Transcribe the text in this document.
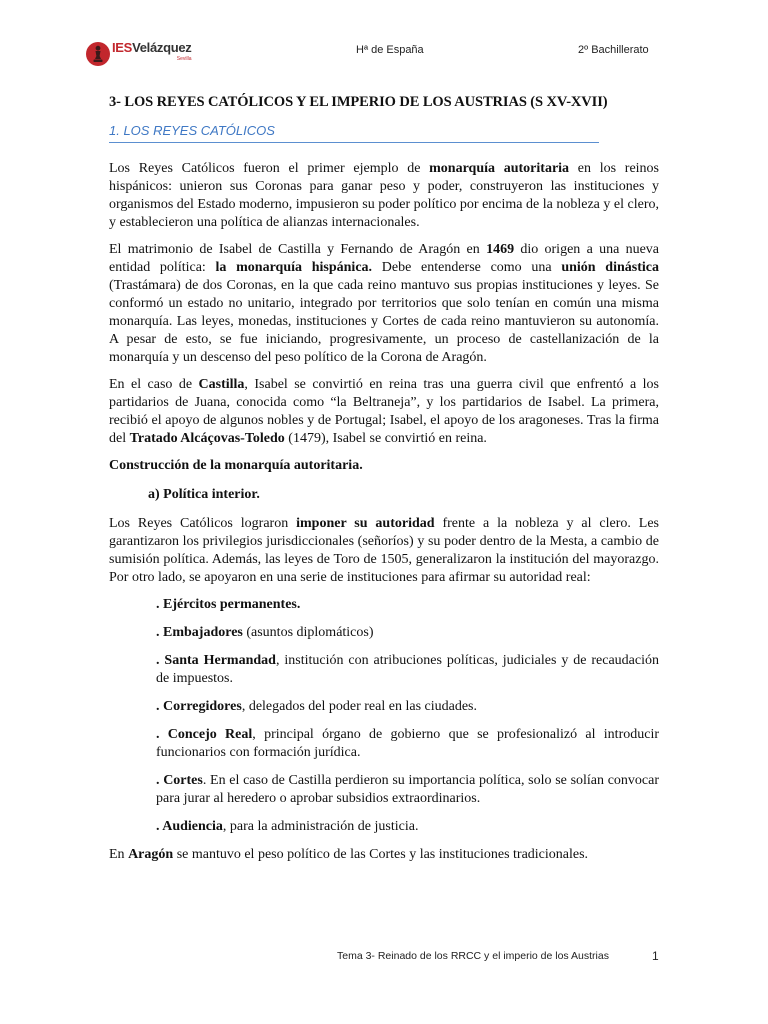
IESVelázquez
Sevilla
Hª de España	2º Bachillerato
3- LOS REYES CATÓLICOS Y EL IMPERIO DE LOS AUSTRIAS (S XV-XVII)
1. LOS REYES CATÓLICOS

Los Reyes Católicos fueron el primer ejemplo de monarquía autoritaria en los reinos hispánicos: unieron sus Coronas para ganar peso y poder, construyeron las instituciones y organismos del Estado moderno, impusieron su poder político por encima de la nobleza y el clero, y establecieron una política de alianzas internacionales.

El matrimonio de Isabel de Castilla y Fernando de Aragón en 1469 dio origen a una nueva entidad política: la monarquía hispánica. Debe entenderse como una unión dinástica (Trastámara) de dos Coronas, en la que cada reino mantuvo sus propias instituciones y leyes. Se conformó un estado no unitario, integrado por territorios que solo tenían en común una misma monarquía. Las leyes, monedas, instituciones y Cortes de cada reino mantuvieron su autonomía. A pesar de esto, se fue iniciando, progresivamente, un proceso de castellanización de la monarquía y un descenso del peso político de la Corona de Aragón.

En el caso de Castilla, Isabel se convirtió en reina tras una guerra civil que enfrentó a los partidarios de Juana, conocida como “la Beltraneja”, y los partidarios de Isabel. La primera, recibió el apoyo de algunos nobles y de Portugal; Isabel, el apoyo de los aragoneses. Tras la firma del Tratado Alcáçovas-Toledo (1479), Isabel se convirtió en reina.

Construcción de la monarquía autoritaria.

a) Política interior.

Los Reyes Católicos lograron imponer su autoridad frente a la nobleza y al clero. Les garantizaron los privilegios jurisdiccionales (señoríos) y su poder dentro de la Mesta, a cambio de sumisión política. Además, las leyes de Toro de 1505, generalizaron la institución del mayorazgo. Por otro lado, se apoyaron en una serie de instituciones para afirmar su autoridad real:

. Ejércitos permanentes.

. Embajadores (asuntos diplomáticos)

. Santa Hermandad, institución con atribuciones políticas, judiciales y de recaudación de impuestos.

. Corregidores, delegados del poder real en las ciudades.

. Concejo Real, principal órgano de gobierno que se profesionalizó al introducir funcionarios con formación jurídica.

. Cortes. En el caso de Castilla perdieron su importancia política, solo se solían convocar para jurar al heredero o aprobar subsidios extraordinarios.

. Audiencia, para la administración de justicia.

En Aragón se mantuvo el peso político de las Cortes y las instituciones tradicionales.

Tema 3- Reinado de los RRCC y el imperio de los Austrias	1
